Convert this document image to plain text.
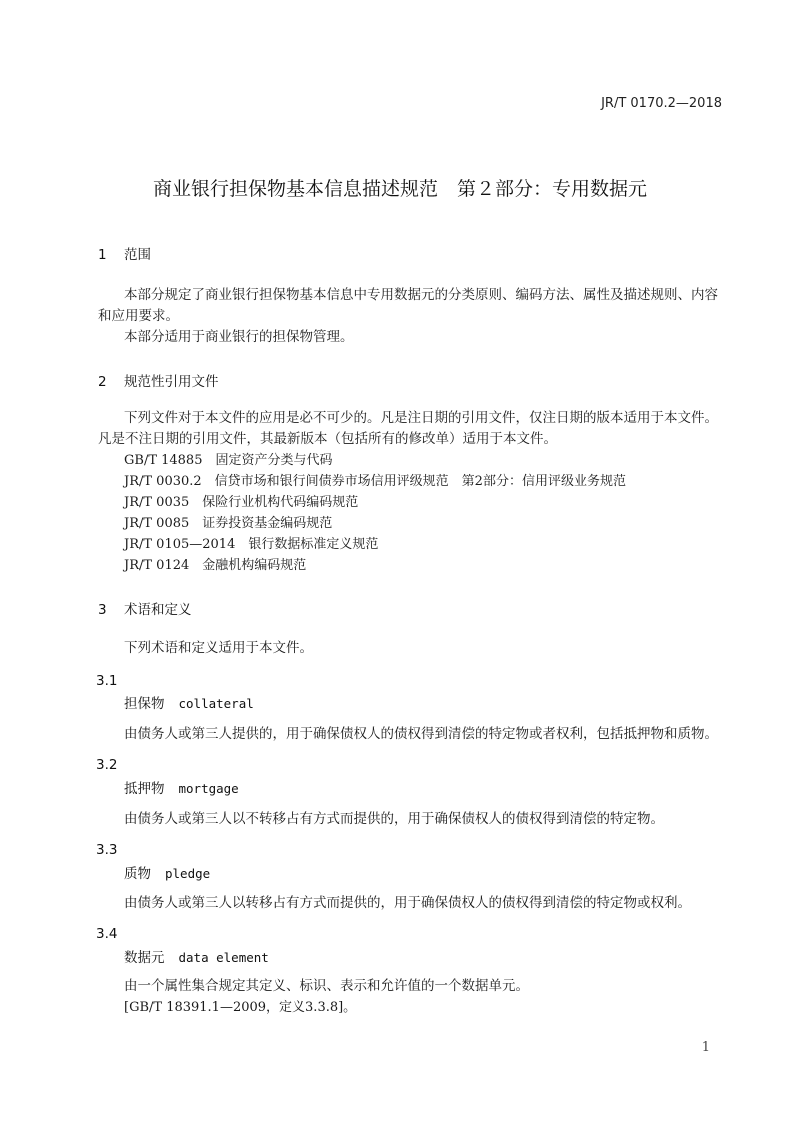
JR/T 0170.2—2018
商业银行担保物基本信息描述规范　第２部分：专用数据元
1 范围
本部分规定了商业银行担保物基本信息中专用数据元的分类原则、编码方法、属性及描述规则、内容和应用要求。
本部分适用于商业银行的担保物管理。
2 规范性引用文件
下列文件对于本文件的应用是必不可少的。凡是注日期的引用文件，仅注日期的版本适用于本文件。凡是不注日期的引用文件，其最新版本（包括所有的修改单）适用于本文件。
GB/T 14885　固定资产分类与代码
JR/T 0030.2　信贷市场和银行间债券市场信用评级规范　第2部分：信用评级业务规范
JR/T 0035　保险行业机构代码编码规范
JR/T 0085　证券投资基金编码规范
JR/T 0105—2014　银行数据标准定义规范
JR/T 0124　金融机构编码规范
3 术语和定义
下列术语和定义适用于本文件。
3.1
担保物 collateral
由债务人或第三人提供的，用于确保债权人的债权得到清偿的特定物或者权利，包括抵押物和质物。
3.2
抵押物 mortgage
由债务人或第三人以不转移占有方式而提供的，用于确保债权人的债权得到清偿的特定物。
3.3
质物 pledge
由债务人或第三人以转移占有方式而提供的，用于确保债权人的债权得到清偿的特定物或权利。
3.4
数据元 data element
由一个属性集合规定其定义、标识、表示和允许值的一个数据单元。
[GB/T 18391.1—2009，定义3.3.8]。
1
